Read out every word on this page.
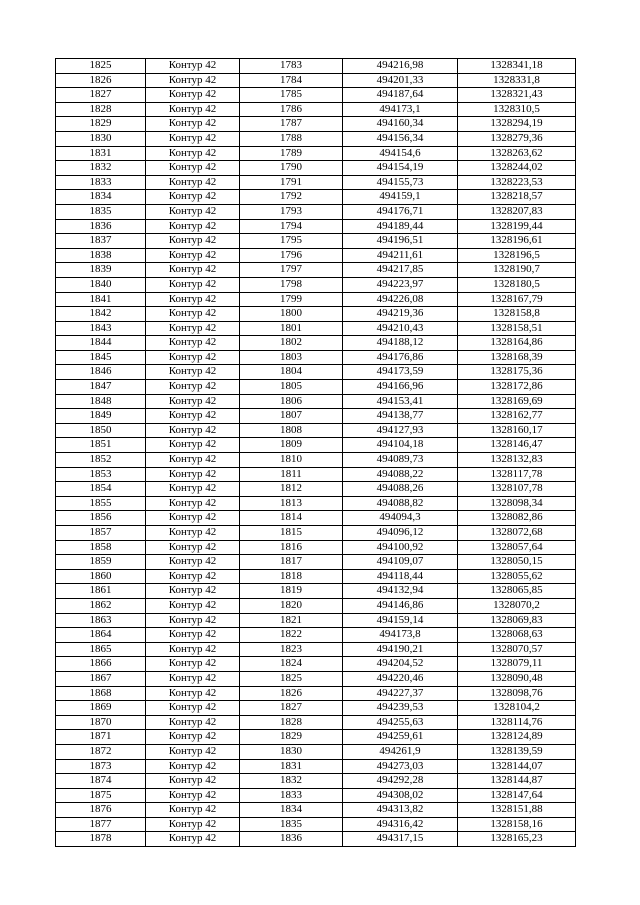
1825	Контур 42	1783	494216,98	1328341,18
1826	Контур 42	1784	494201,33	1328331,8
1827	Контур 42	1785	494187,64	1328321,43
1828	Контур 42	1786	494173,1	1328310,5
1829	Контур 42	1787	494160,34	1328294,19
1830	Контур 42	1788	494156,34	1328279,36
1831	Контур 42	1789	494154,6	1328263,62
1832	Контур 42	1790	494154,19	1328244,02
1833	Контур 42	1791	494155,73	1328223,53
1834	Контур 42	1792	494159,1	1328218,57
1835	Контур 42	1793	494176,71	1328207,83
1836	Контур 42	1794	494189,44	1328199,44
1837	Контур 42	1795	494196,51	1328196,61
1838	Контур 42	1796	494211,61	1328196,5
1839	Контур 42	1797	494217,85	1328190,7
1840	Контур 42	1798	494223,97	1328180,5
1841	Контур 42	1799	494226,08	1328167,79
1842	Контур 42	1800	494219,36	1328158,8
1843	Контур 42	1801	494210,43	1328158,51
1844	Контур 42	1802	494188,12	1328164,86
1845	Контур 42	1803	494176,86	1328168,39
1846	Контур 42	1804	494173,59	1328175,36
1847	Контур 42	1805	494166,96	1328172,86
1848	Контур 42	1806	494153,41	1328169,69
1849	Контур 42	1807	494138,77	1328162,77
1850	Контур 42	1808	494127,93	1328160,17
1851	Контур 42	1809	494104,18	1328146,47
1852	Контур 42	1810	494089,73	1328132,83
1853	Контур 42	1811	494088,22	1328117,78
1854	Контур 42	1812	494088,26	1328107,78
1855	Контур 42	1813	494088,82	1328098,34
1856	Контур 42	1814	494094,3	1328082,86
1857	Контур 42	1815	494096,12	1328072,68
1858	Контур 42	1816	494100,92	1328057,64
1859	Контур 42	1817	494109,07	1328050,15
1860	Контур 42	1818	494118,44	1328055,62
1861	Контур 42	1819	494132,94	1328065,85
1862	Контур 42	1820	494146,86	1328070,2
1863	Контур 42	1821	494159,14	1328069,83
1864	Контур 42	1822	494173,8	1328068,63
1865	Контур 42	1823	494190,21	1328070,57
1866	Контур 42	1824	494204,52	1328079,11
1867	Контур 42	1825	494220,46	1328090,48
1868	Контур 42	1826	494227,37	1328098,76
1869	Контур 42	1827	494239,53	1328104,2
1870	Контур 42	1828	494255,63	1328114,76
1871	Контур 42	1829	494259,61	1328124,89
1872	Контур 42	1830	494261,9	1328139,59
1873	Контур 42	1831	494273,03	1328144,07
1874	Контур 42	1832	494292,28	1328144,87
1875	Контур 42	1833	494308,02	1328147,64
1876	Контур 42	1834	494313,82	1328151,88
1877	Контур 42	1835	494316,42	1328158,16
1878	Контур 42	1836	494317,15	1328165,23
